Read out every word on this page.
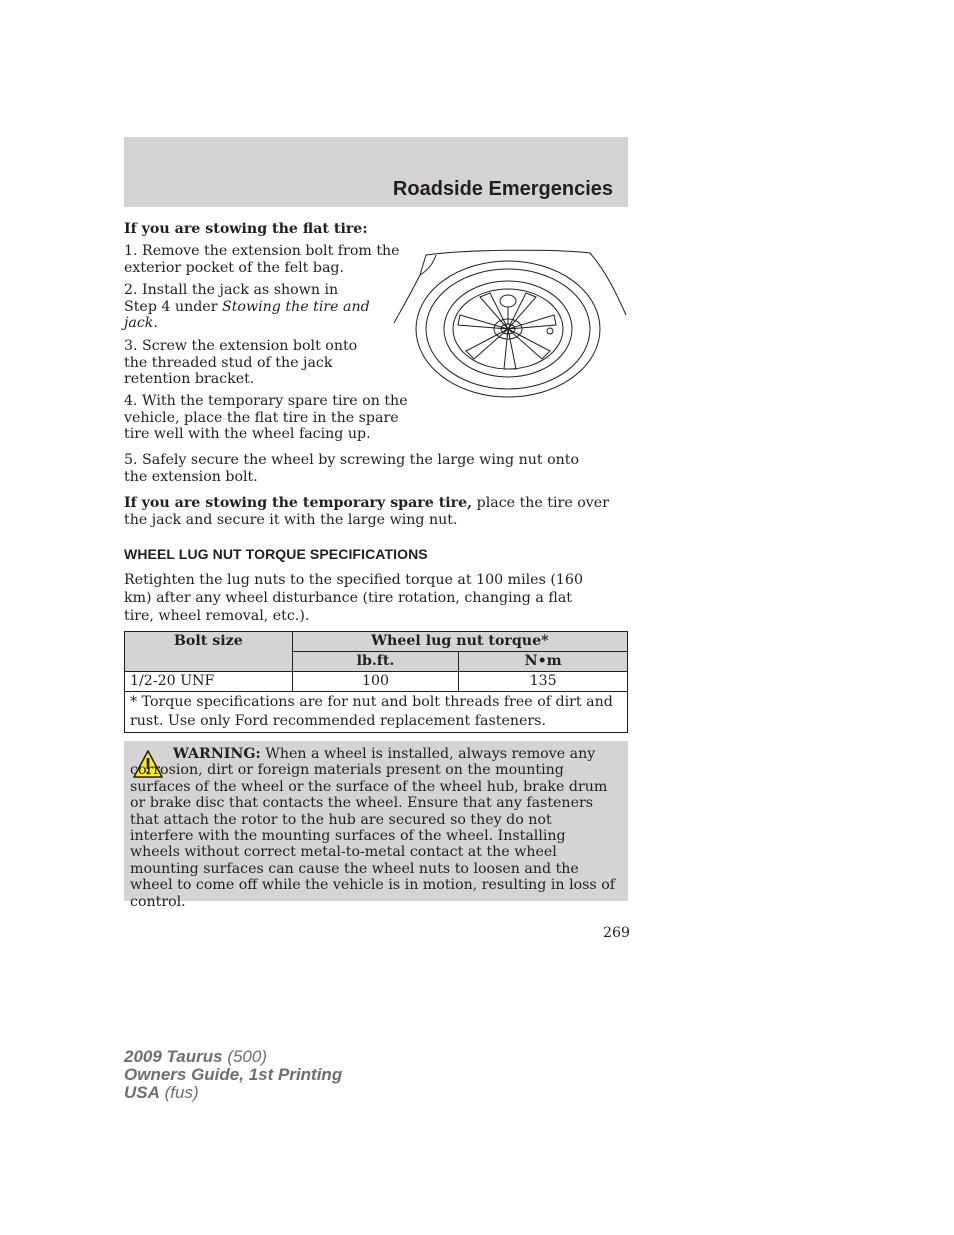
Roadside Emergencies

If you are stowing the flat tire:

1. Remove the extension bolt from the exterior pocket of the felt bag.

2. Install the jack as shown in Step 4 under Stowing the tire and jack.

3. Screw the extension bolt onto the threaded stud of the jack retention bracket.

4. With the temporary spare tire on the vehicle, place the flat tire in the spare tire well with the wheel facing up.

5. Safely secure the wheel by screwing the large wing nut onto the extension bolt.

If you are stowing the temporary spare tire, place the tire over the jack and secure it with the large wing nut.

WHEEL LUG NUT TORQUE SPECIFICATIONS

Retighten the lug nuts to the specified torque at 100 miles (160 km) after any wheel disturbance (tire rotation, changing a flat tire, wheel removal, etc.).

Bolt size	Wheel lug nut torque*	
	lb.ft.	N•m
1/2-20 UNF	100	135
* Torque specifications are for nut and bolt threads free of dirt and rust. Use only Ford recommended replacement fasteners.		

WARNING: When a wheel is installed, always remove any corrosion, dirt or foreign materials present on the mounting surfaces of the wheel or the surface of the wheel hub, brake drum or brake disc that contacts the wheel. Ensure that any fasteners that attach the rotor to the hub are secured so they do not interfere with the mounting surfaces of the wheel. Installing wheels without correct metal-to-metal contact at the wheel mounting surfaces can cause the wheel nuts to loosen and the wheel to come off while the vehicle is in motion, resulting in loss of control.

269

2009 Taurus (500)
Owners Guide, 1st Printing
USA (fus)
